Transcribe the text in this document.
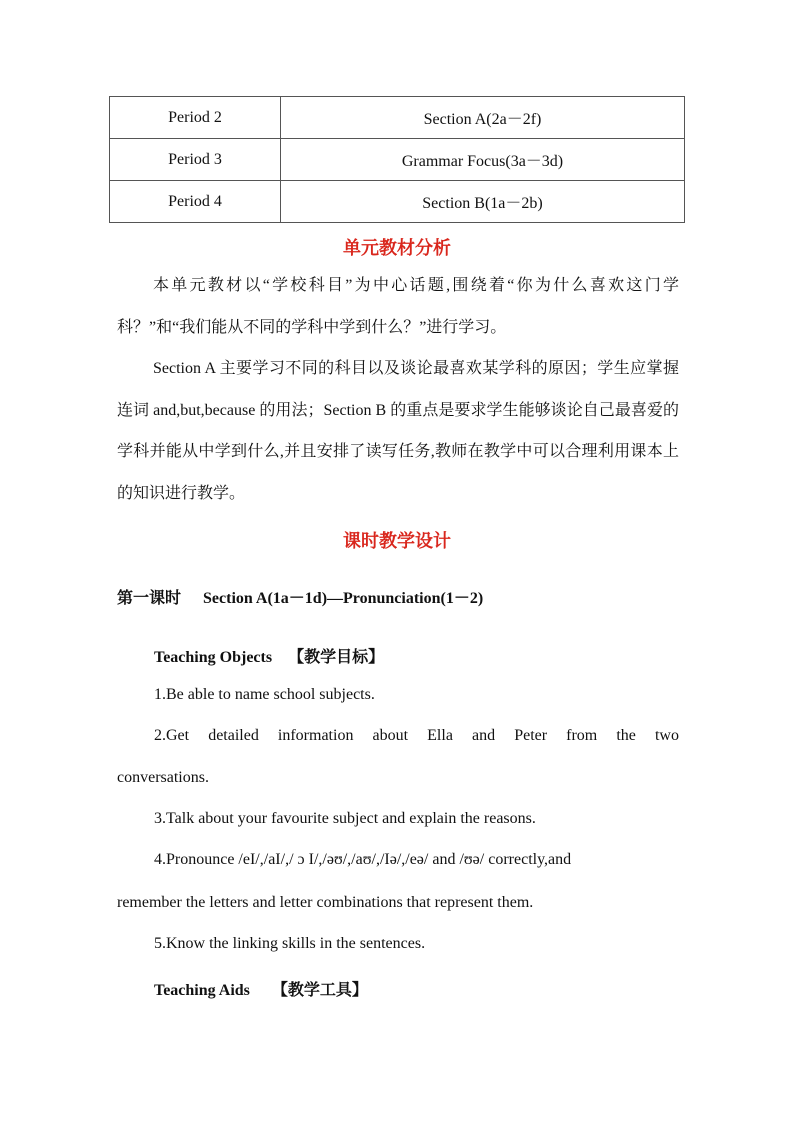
Period 2	Section A(2a－2f)
Period 3	Grammar Focus(3a－3d)
Period 4	Section B(1a－2b)
单元教材分析

本单元教材以“学校科目”为中心话题,围绕着“你为什么喜欢这门学科？”和“我们能从不同的学科中学到什么？”进行学习。

Section A 主要学习不同的科目以及谈论最喜欢某学科的原因；学生应掌握连词 and,but,because 的用法；Section B 的重点是要求学生能够谈论自己最喜爱的学科并能从中学到什么,并且安排了读写任务,教师在教学中可以合理利用课本上的知识进行教学。

课时教学设计
第一课时 Section A(1a－1d)—Pronunciation(1－2)
Teaching Objects 【教学目标】
1.Be able to name school subjects.
2.Get detailed information about Ella and Peter from the two
conversations.
3.Talk about your favourite subject and explain the reasons.
4.Pronounce /eI/,/aI/,/ ɔ I/,/əʊ/,/aʊ/,/Iə/,/eə/ and /ʊə/ correctly,and
remember the letters and letter combinations that represent them.
5.Know the linking skills in the sentences.
Teaching Aids 【教学工具】
